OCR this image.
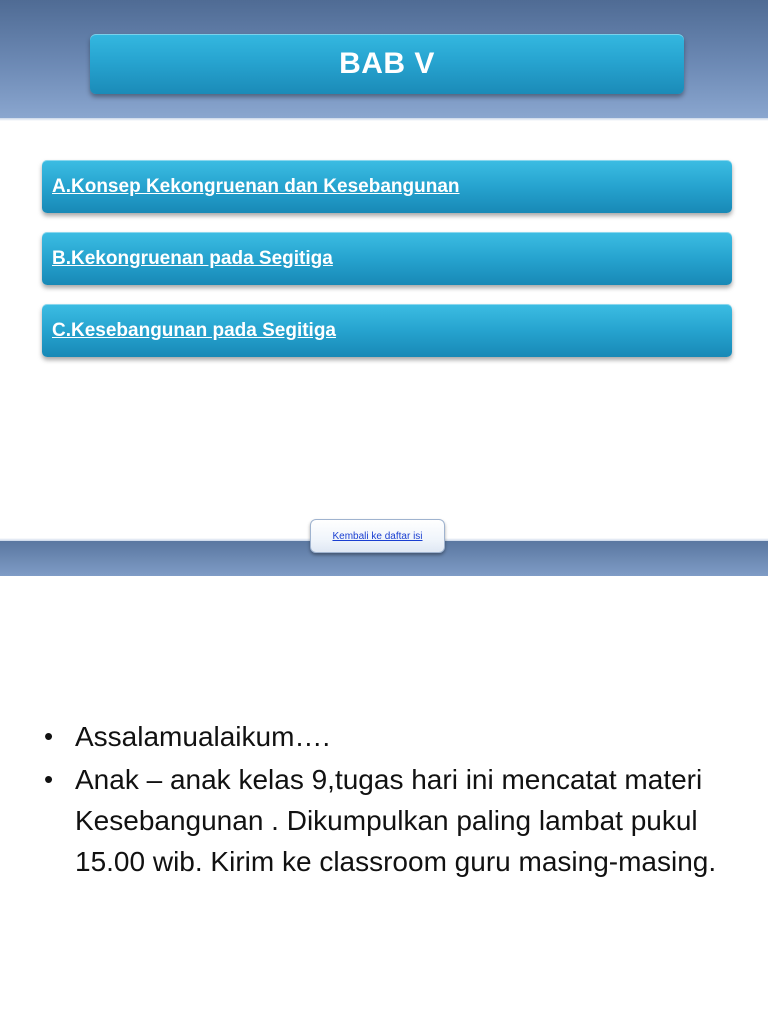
BAB V
A.Konsep Kekongruenan dan Kesebangunan
B.Kekongruenan pada Segitiga
C.Kesebangunan pada Segitiga
Kembali ke daftar isi
• Assalamualaikum….
• Anak – anak kelas 9,tugas hari ini mencatat materi Kesebangunan . Dikumpulkan paling lambat pukul 15.00 wib. Kirim ke classroom guru masing-masing.
